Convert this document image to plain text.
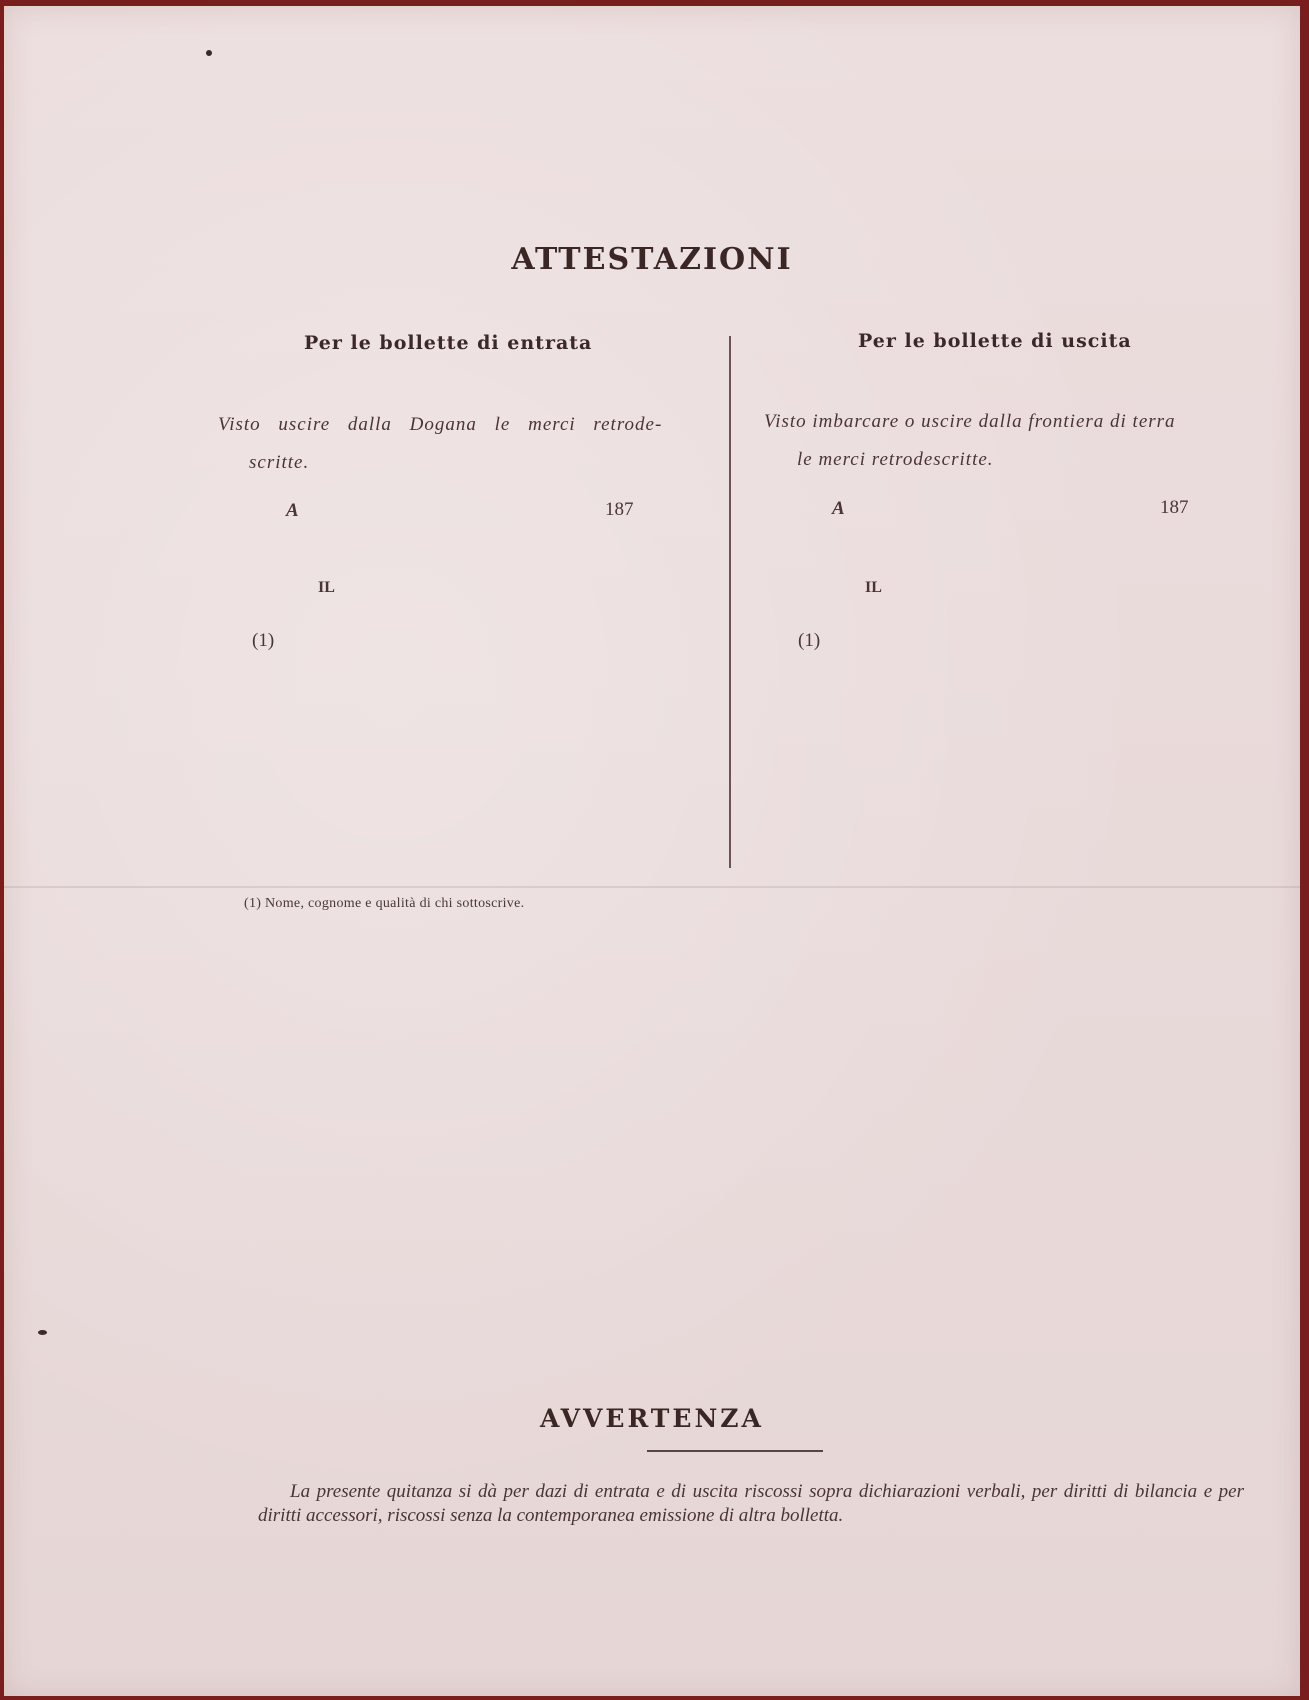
ATTESTAZIONI
Per le bollette di entrata	Per le bollette di uscita
Visto uscire dalla Dogana le merci retrode-
scritte.
Visto imbarcare o uscire dalla frontiera di terra
le merci retrodescritte.
A	187	A	187
IL	IL
(1)	(1)
(1) Nome, cognome e qualità di chi sottoscrive.
AVVERTENZA
La presente quitanza si dà per dazi di entrata e di uscita riscossi sopra dichiarazioni verbali, per diritti di bilancia e per diritti accessori, riscossi senza la contemporanea emissione di altra bolletta.
